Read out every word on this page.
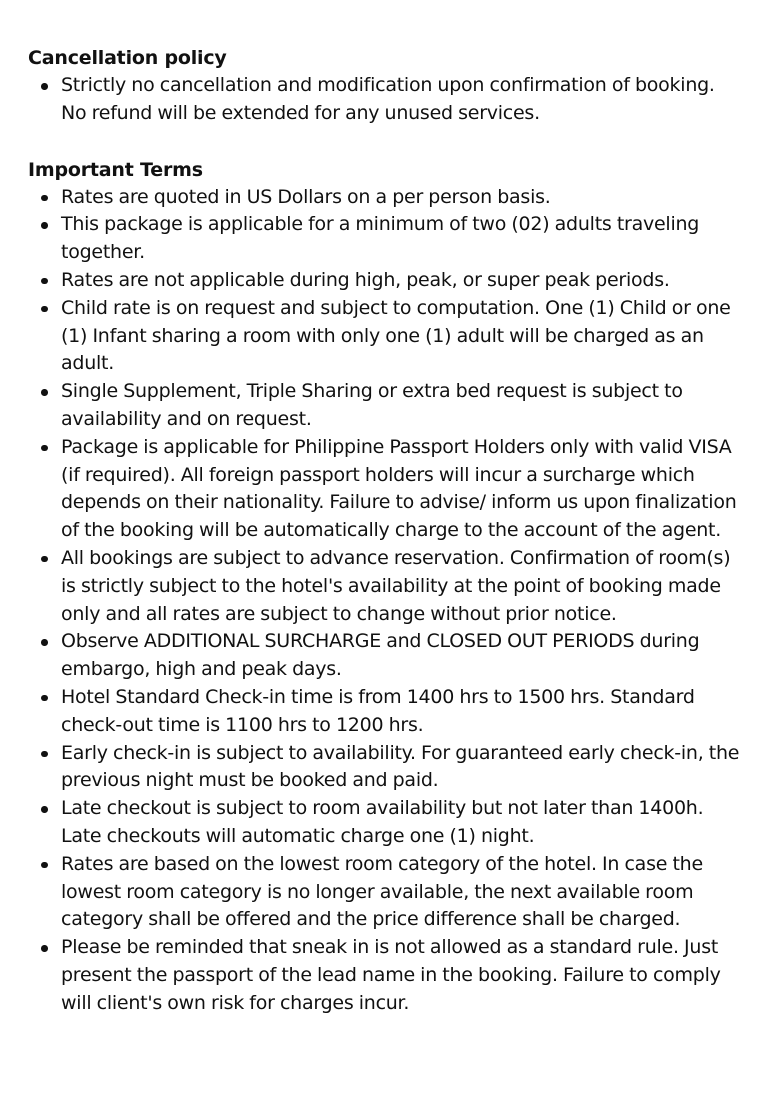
Cancellation policy
Strictly no cancellation and modification upon confirmation of booking. No refund will be extended for any unused services.
Important Terms
Rates are quoted in US Dollars on a per person basis.
This package is applicable for a minimum of two (02) adults traveling together.
Rates are not applicable during high, peak, or super peak periods.
Child rate is on request and subject to computation. One (1) Child or one (1) Infant sharing a room with only one (1) adult will be charged as an adult.
Single Supplement, Triple Sharing or extra bed request is subject to availability and on request.
Package is applicable for Philippine Passport Holders only with valid VISA (if required). All foreign passport holders will incur a surcharge which depends on their nationality. Failure to advise/ inform us upon finalization of the booking will be automatically charge to the account of the agent.
All bookings are subject to advance reservation. Confirmation of room(s) is strictly subject to the hotel's availability at the point of booking made only and all rates are subject to change without prior notice.
Observe ADDITIONAL SURCHARGE and CLOSED OUT PERIODS during embargo, high and peak days.
Hotel Standard Check-in time is from 1400 hrs to 1500 hrs. Standard check-out time is 1100 hrs to 1200 hrs.
Early check-in is subject to availability. For guaranteed early check-in, the previous night must be booked and paid.
Late checkout is subject to room availability but not later than 1400h. Late checkouts will automatic charge one (1) night.
Rates are based on the lowest room category of the hotel. In case the lowest room category is no longer available, the next available room category shall be offered and the price difference shall be charged.
Please be reminded that sneak in is not allowed as a standard rule. Just present the passport of the lead name in the booking. Failure to comply will client's own risk for charges incur.
